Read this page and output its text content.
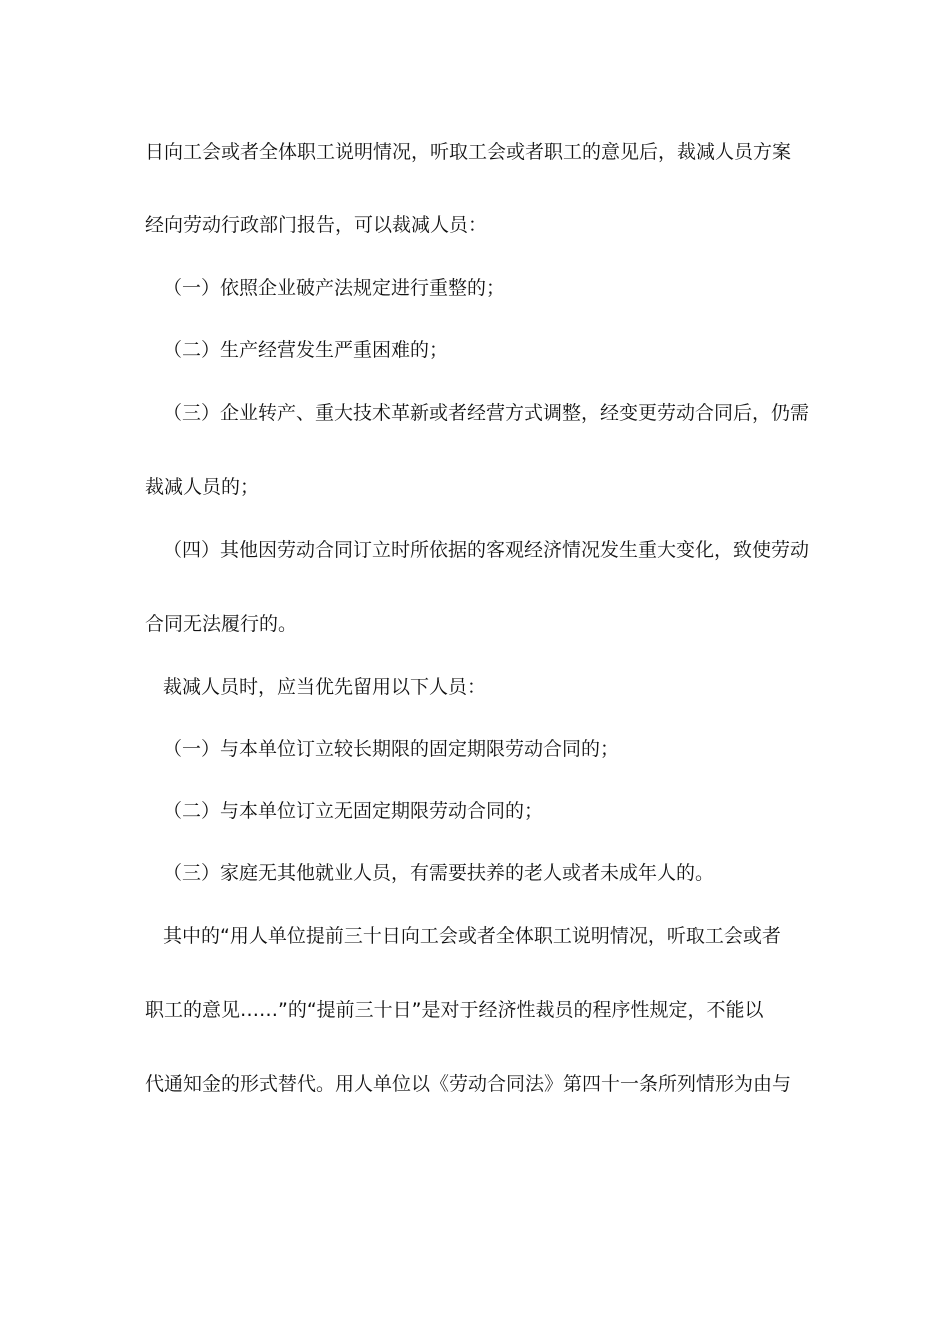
日向工会或者全体职工说明情况，听取工会或者职工的意见后，裁减人员方案
经向劳动行政部门报告，可以裁减人员：
（一）依照企业破产法规定进行重整的；
（二）生产经营发生严重困难的；
（三）企业转产、重大技术革新或者经营方式调整，经变更劳动合同后，仍需
裁减人员的；
（四）其他因劳动合同订立时所依据的客观经济情况发生重大变化，致使劳动
合同无法履行的。
裁减人员时，应当优先留用以下人员：
（一）与本单位订立较长期限的固定期限劳动合同的；
（二）与本单位订立无固定期限劳动合同的；
（三）家庭无其他就业人员，有需要扶养的老人或者未成年人的。
其中的“用人单位提前三十日向工会或者全体职工说明情况，听取工会或者
职工的意见……”的“提前三十日”是对于经济性裁员的程序性规定，不能以
代通知金的形式替代。用人单位以《劳动合同法》第四十一条所列情形为由与
